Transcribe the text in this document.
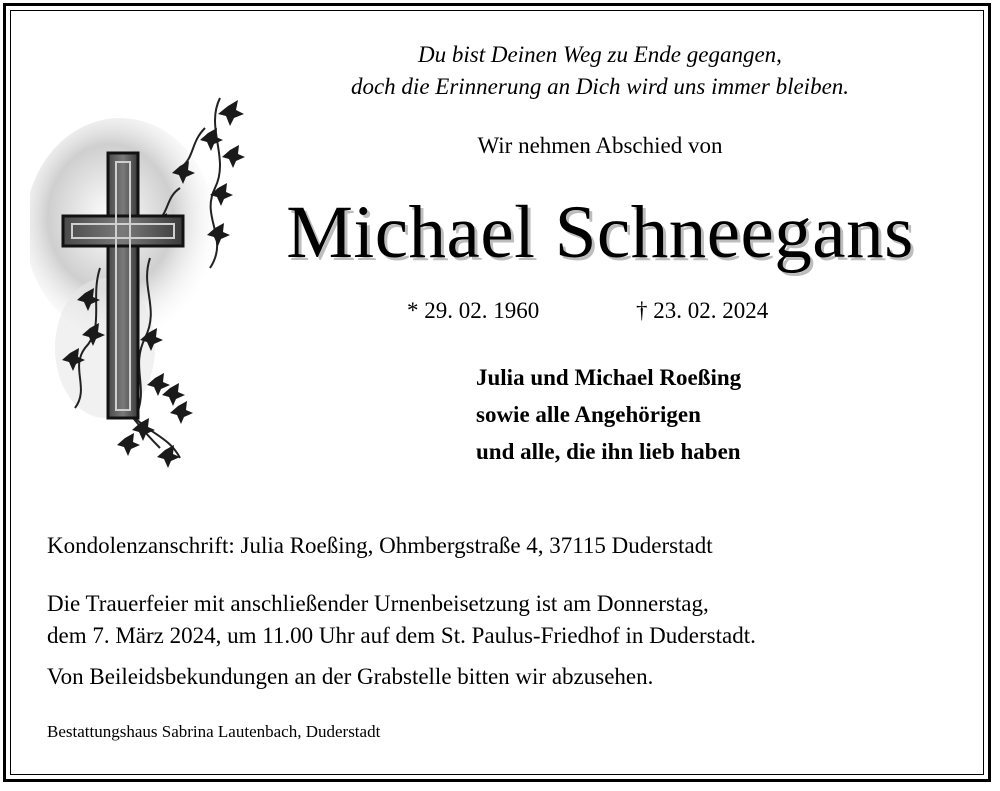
Du bist Deinen Weg zu Ende gegangen,
doch die Erinnerung an Dich wird uns immer bleiben.
Wir nehmen Abschied von
Michael Schneegans
* 29. 02. 1960	† 23. 02. 2024
Julia und Michael Roeßing
sowie alle Angehörigen
und alle, die ihn lieb haben
Kondolenzanschrift: Julia Roeßing, Ohmbergstraße 4, 37115 Duderstadt
Die Trauerfeier mit anschließender Urnenbeisetzung ist am Donnerstag,
dem 7. März 2024, um 11.00 Uhr auf dem St. Paulus-Friedhof in Duderstadt.
Von Beileidsbekundungen an der Grabstelle bitten wir abzusehen.
Bestattungshaus Sabrina Lautenbach, Duderstadt
